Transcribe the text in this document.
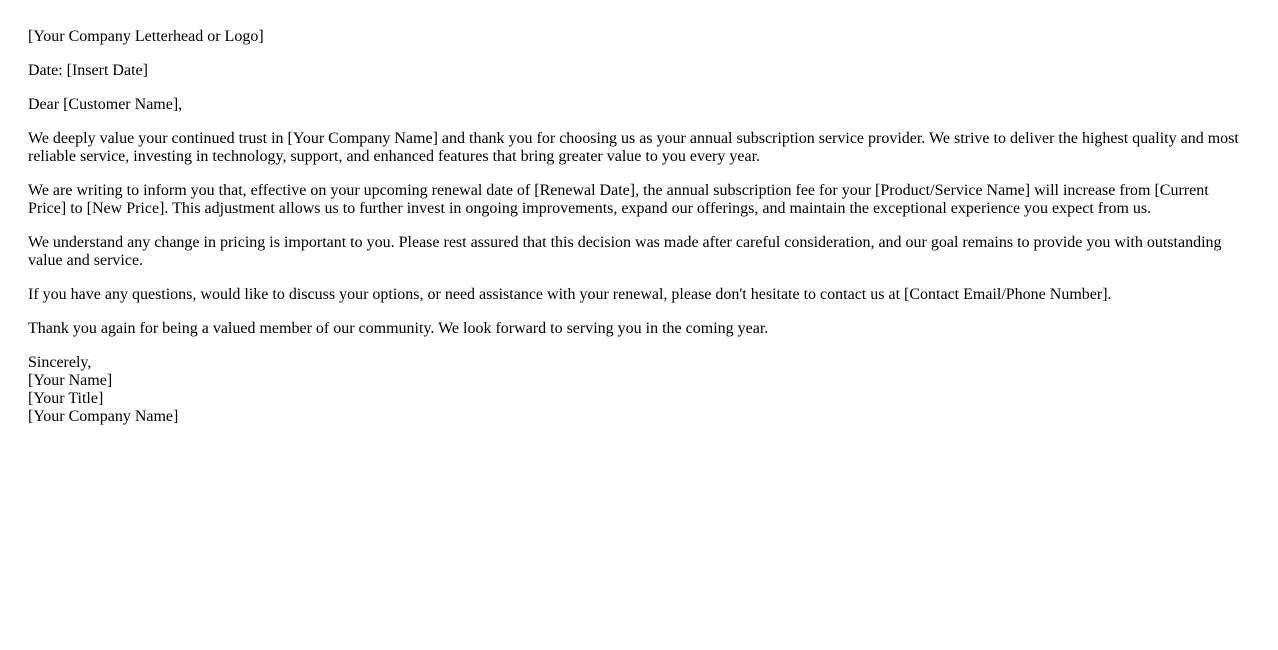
[Your Company Letterhead or Logo]

Date: [Insert Date]

Dear [Customer Name],

We deeply value your continued trust in [Your Company Name] and thank you for choosing us as your annual subscription service provider. We strive to deliver the highest quality and most reliable service, investing in technology, support, and enhanced features that bring greater value to you every year.

We are writing to inform you that, effective on your upcoming renewal date of [Renewal Date], the annual subscription fee for your [Product/Service Name] will increase from [Current Price] to [New Price]. This adjustment allows us to further invest in ongoing improvements, expand our offerings, and maintain the exceptional experience you expect from us.

We understand any change in pricing is important to you. Please rest assured that this decision was made after careful consideration, and our goal remains to provide you with outstanding value and service.

If you have any questions, would like to discuss your options, or need assistance with your renewal, please don't hesitate to contact us at [Contact Email/Phone Number].

Thank you again for being a valued member of our community. We look forward to serving you in the coming year.

Sincerely,
[Your Name]
[Your Title]
[Your Company Name]
